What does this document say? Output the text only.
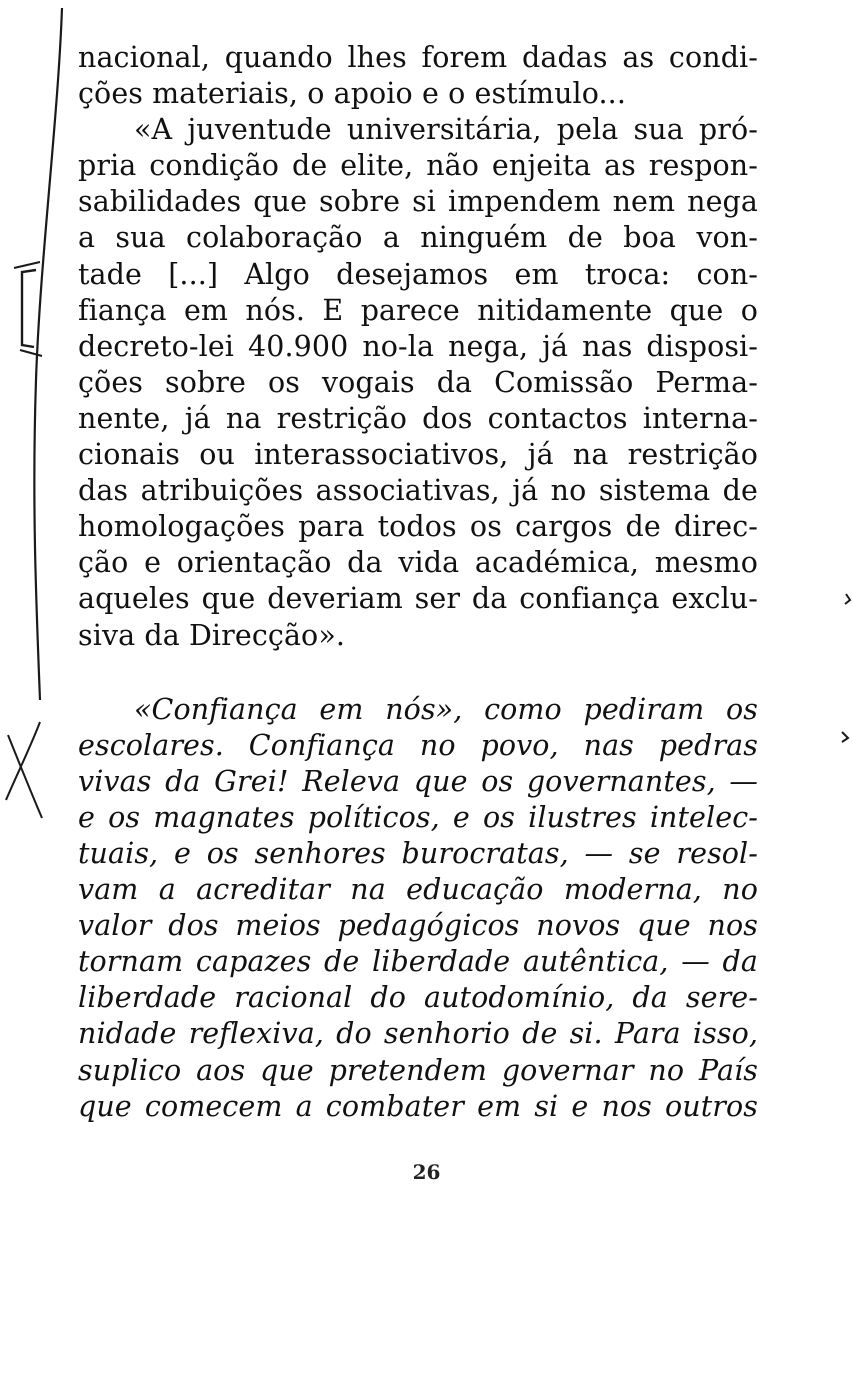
nacional, quando lhes forem dadas as condi-
ções materiais, o apoio e o estímulo...
«A juventude universitária, pela sua pró-
pria condição de elite, não enjeita as respon-
sabilidades que sobre si impendem nem nega
a sua colaboração a ninguém de boa von-
tade [...] Algo desejamos em troca: con-
fiança em nós. E parece nitidamente que o
decreto-lei 40.900 no-la nega, já nas disposi-
ções sobre os vogais da Comissão Perma-
nente, já na restrição dos contactos interna-
cionais ou interassociativos, já na restrição
das atribuições associativas, já no sistema de
homologações para todos os cargos de direc-
ção e orientação da vida académica, mesmo
aqueles que deveriam ser da confiança exclu-
siva da Direcção».
«Confiança em nós», como pediram os
escolares. Confiança no povo, nas pedras
vivas da Grei! Releva que os governantes, —
e os magnates políticos, e os ilustres intelec-
tuais, e os senhores burocratas, — se resol-
vam a acreditar na educação moderna, no
valor dos meios pedagógicos novos que nos
tornam capazes de liberdade autêntica, — da
liberdade racional do autodomínio, da sere-
nidade reflexiva, do senhorio de si. Para isso,
suplico aos que pretendem governar no País
que comecem a combater em si e nos outros
26
